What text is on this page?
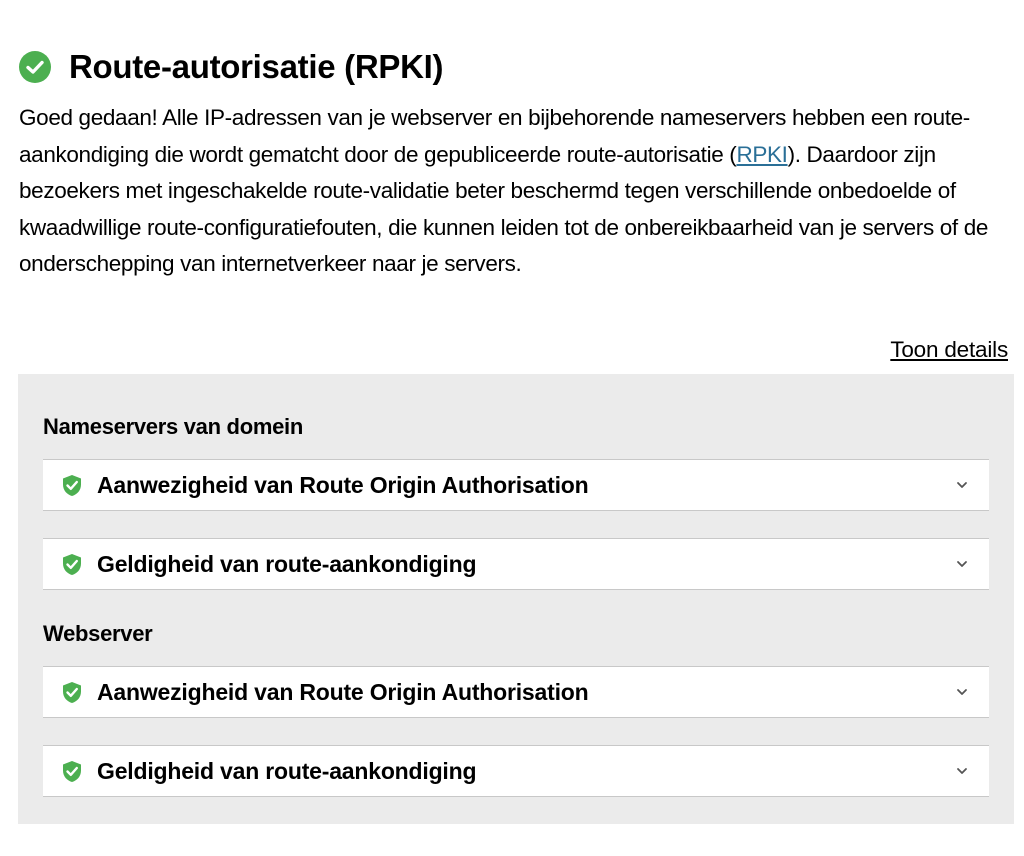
Route-autorisatie (RPKI)

Goed gedaan! Alle IP-adressen van je webserver en bijbehorende nameservers hebben een route-aankondiging die wordt gematcht door de gepubliceerde route-autorisatie (RPKI). Daardoor zijn bezoekers met ingeschakelde route-validatie beter beschermd tegen verschillende onbedoelde of kwaadwillige route-configuratiefouten, die kunnen leiden tot de onbereikbaarheid van je servers of de onderschepping van internetverkeer naar je servers.

Toon details
Nameservers van domein
Aanwezigheid van Route Origin Authorisation
Geldigheid van route-aankondiging
Webserver
Aanwezigheid van Route Origin Authorisation
Geldigheid van route-aankondiging
